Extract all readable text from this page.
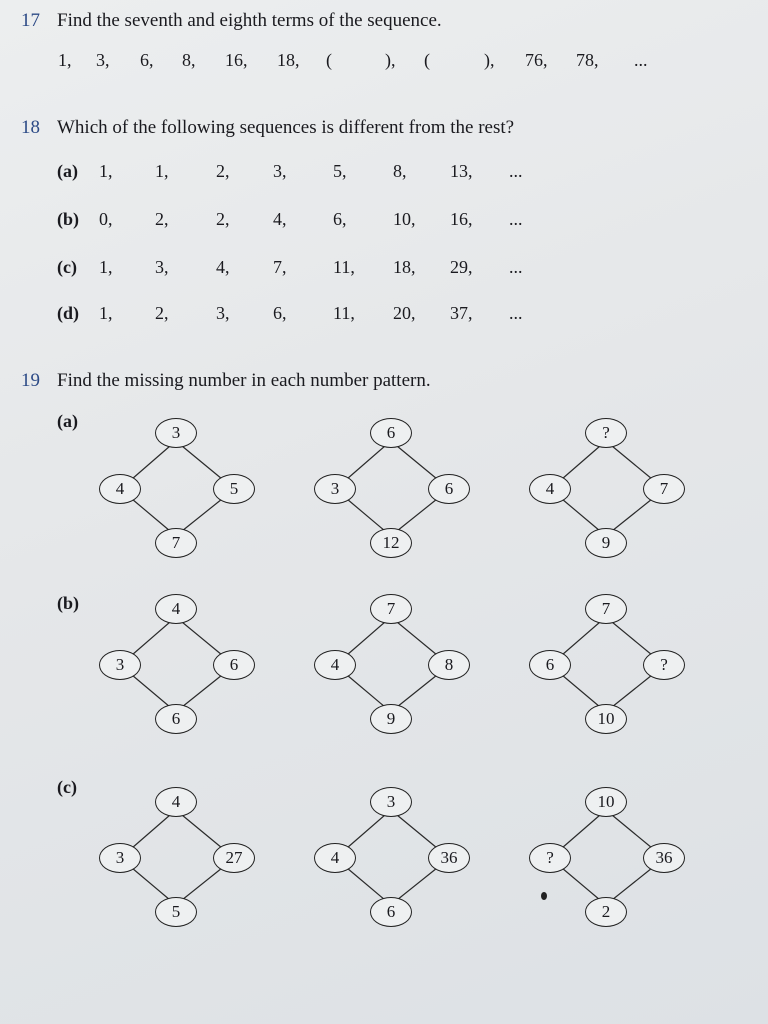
17 Find the seventh and eighth terms of the sequence.
1, 3, 6, 8, 16, 18, (	), (	), 76, 78, ...
18 Which of the following sequences is different from the rest?
(a) 1, 1,	2, 3,	5,	8, 13, ...
(b) 0, 2,	2, 4,	6,	10, 16, ...
(c) 1, 3,	4, 7,	11, 18, 29, ...
(d) 1, 2,	3, 6,	11, 20, 37, ...
19 Find the missing number in each number pattern.
(a)
(b)
(c)
3
4	5
7
6
3	6
12
?
4	7
9
4
3	6
6
7
4	8
9
7
6	?
10
4
3	27
5
3
4	36
6
10
?	36
2
